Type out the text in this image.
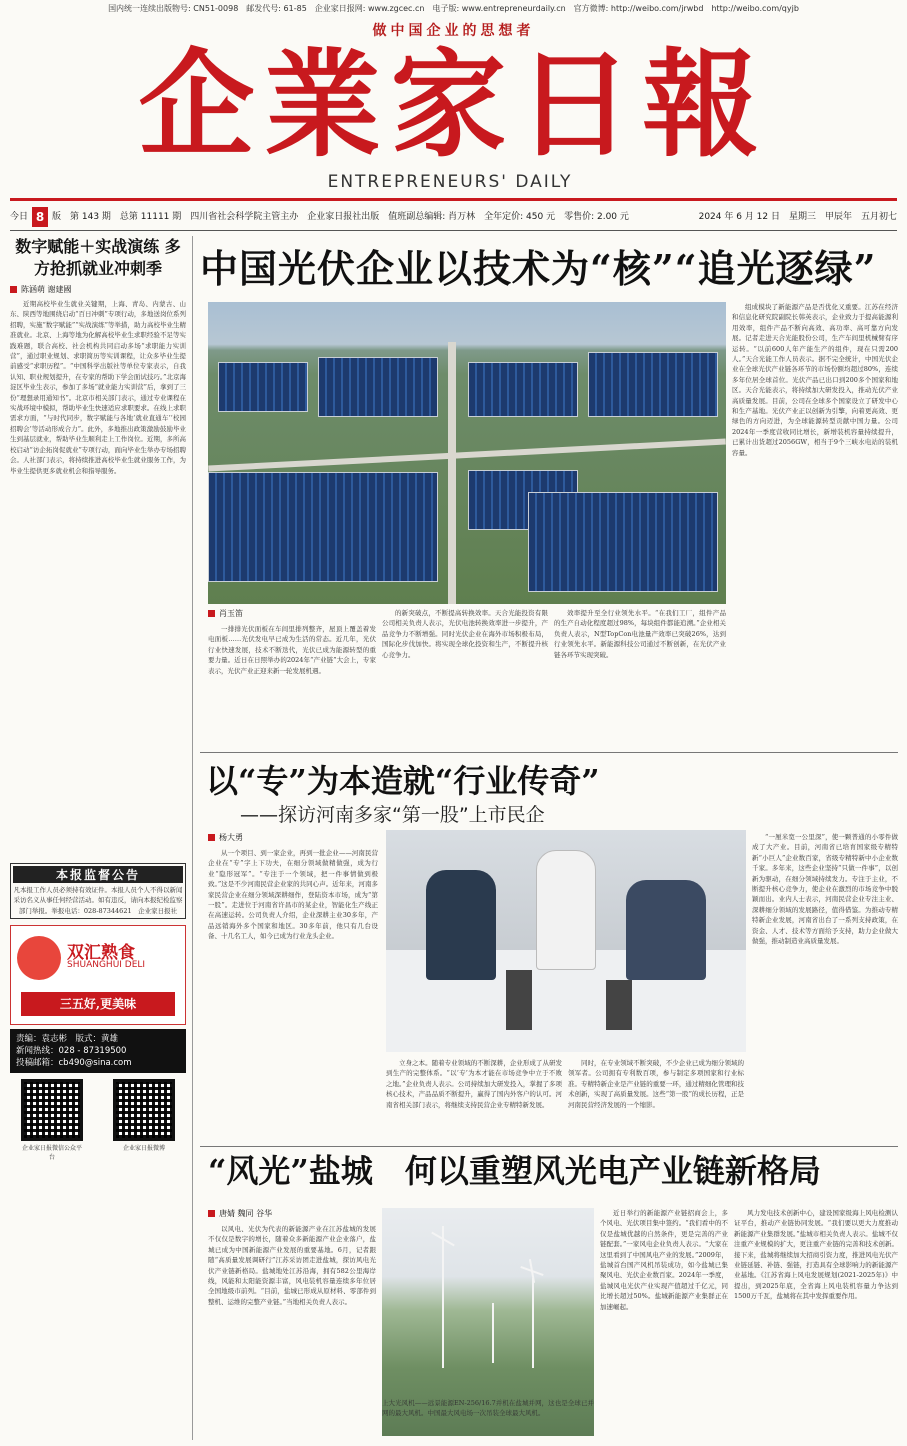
国内统一连续出版物号: CN51-0098　邮发代号: 61-85　企业家日报网: www.zgcec.cn　电子版: www.entrepreneurdaily.cn　官方微博: http://weibo.com/jrwbd　http://weibo.com/qyjb
做中国企业的思想者
企業家日報
ENTREPRENEURS' DAILY
今日 8 版　第 143 期　总第 11111 期　四川省社会科学院主管主办　企业家日报社出版　值班副总编辑: 肖万林　全年定价: 450 元　零售价: 2.00 元	2024 年 6 月 12 日　星期三　甲辰年　五月初七
数字赋能＋实战演练 多方抢抓就业冲刺季
陈涵萌 谢建國
近期高校毕业生就业关键期，上海、青岛、内蒙古、山东、陕西等地围绕启动“百日冲刺”专项行动，多地送岗位系列招聘，实施“数字赋能”“实战演练”等举措，助力高校毕业生精准就业。北京、上海等地为化解高校毕业生求职经验不足等实践难题，联合高校、社会机构共同启动多场“求职能力实训营”，通过职业规划、求职简历等实训课程，让众多毕业生提前感受“求职历程”。“中国科学出版社等单位专家表示，自我认知、职业规划提升，在专家的帮助下学会面试技巧。”北京海淀区毕业生表示，参加了多场“就业能力实训营”后，拿到了三份“理想录用通知书”。北京市相关部门表示，通过专业课程在实战环境中模拟，帮助毕业生快速适应求职要求。在线上求职需求方面，“与时代同步，数字赋能与各地‘就业直通车’‘校园招聘会’等活动形成合力”。此外，多地推出政策激励鼓励毕业生到基层就业，帮助毕业生顺利走上工作岗位。近期，多所高校启动“访企拓岗促就业”专项行动，面向毕业生举办专场招聘会。人社部门表示，将持续推进高校毕业生就业服务工作，为毕业生提供更多就业机会和指导服务。
本报监督公告
凡本报工作人员必须持有效证件。本报人员个人不得以新闻采访名义从事任何经营活动。如有违反，请向本报纪检监察部门举报。举报电话：028-87344621　企业家日报社
双汇熟食
SHUANGHUI DELI
三五好,更美味
责编：袁志彬　版式：黄雄
新闻热线：028 - 87319500
投稿邮箱：cb490@sina.com
企业家日报微信公众平台
企业家日报微博
中国光伏企业以技术为“核”“追光逐绿”
肖玉笛
一排排光伏面板在车间里排列整齐，屋顶上覆盖着发电面板……光伏发电早已成为生活的常态。近几年，光伏行业快速发展，技术不断迭代，光伏已成为能源转型的重要力量。近日在日照举办的2024年“产业链”大会上，专家表示，光伏产业正迎来新一轮发展机遇。
的新突破点，不断提高转换效率。天合光能投资有限公司相关负责人表示，光伏电池转换效率进一步提升，产品竞争力不断增强。同时光伏企业在海外市场积极布局，国际化步伐加快。将实现全球化投资和生产，不断提升核心竞争力。
效率提升至全行业领先水平。“在我们工厂，组件产品的生产自动化程度超过98%，每块组件都能追溯。”企业相关负责人表示，N型TopCon电池量产效率已突破26%，达到行业领先水平。新能源科技公司通过不断创新，在光伏产业链各环节实现突破。
组成模块了新能源产品是否优化又重要。江苏在经济和信息化研究院副院长韩英表示，企业致力于提高能源利用效率，组件产品不断向高效、高功率、高可靠方向发展。记者走进天合光能股份公司，生产车间里机械臂有序运转。“以前600人年产能生产的组件，现在只需200人。”天合光能工作人员表示。据不完全统计，中国光伏企业在全球光伏产业链各环节的市场份额均超过80%，连续多年位居全球首位。光伏产品已出口到200多个国家和地区。天合光能表示，将持续加大研发投入，推动光伏产业高质量发展。目前，公司在全球多个国家设立了研发中心和生产基地。光伏产业正以创新为引擎，向着更高效、更绿色的方向迈进，为全球能源转型贡献中国力量。公司2024年一季度营收同比增长，新增装机容量持续提升，已累计出货超过2056GW，相当于9个三峡水电站的装机容量。
以“专”为本造就“行业传奇”
——探访河南多家“第一股”上市民企
杨大勇
从一个项目、到一家企业，再到一批企业——河南民营企业在“专”字上下功夫，在细分领域做精做强，成为行业“隐形冠军”。“专注于一个领域，把一件事情做到极致。”这是不少河南民营企业家的共同心声。近年来，河南多家民营企业在细分领域深耕细作，登陆资本市场，成为“第一股”。走进位于河南省许昌市的某企业，智能化生产线正在高速运转。公司负责人介绍，企业深耕主业30多年，产品远销海外多个国家和地区。30多年前，他只有几台设备、十几名工人，如今已成为行业龙头企业。
立身之本。随着专业领域的不断深耕，企业形成了从研发到生产的完整体系。“以‘专’为本才能在市场竞争中立于不败之地。”企业负责人表示。公司持续加大研发投入，掌握了多项核心技术，产品品质不断提升，赢得了国内外客户的认可。河南省相关部门表示，将继续支持民营企业专精特新发展。
同时，在专业领域不断突破，不少企业已成为细分领域的领军者。公司拥有专利数百项，参与制定多项国家和行业标准。专精特新企业是产业链的重要一环，通过精细化管理和技术创新，实现了高质量发展。这些“第一股”的成长历程，正是河南民营经济发展的一个缩影。
“一厘米宽一公里深”，使一颗普通的小零件做成了大产业。目前，河南省已培育国家级专精特新“小巨人”企业数百家，省级专精特新中小企业数千家。多年来，这些企业坚持“只做一件事”，以创新为驱动，在细分领域持续发力。专注于主业，不断提升核心竞争力，使企业在激烈的市场竞争中脱颖而出。业内人士表示，河南民营企业专注主业、深耕细分领域的发展路径，值得借鉴。为推动专精特新企业发展，河南省出台了一系列支持政策，在资金、人才、技术等方面给予支持，助力企业做大做强，推动制造业高质量发展。
“风光”盐城　何以重塑风光电产业链新格局
唐婧 魏同 谷华
以风电、光伏为代表的新能源产业在江苏盐城的发展不仅仅是数字的增长，随着众多新能源产业企业落户，盐城已成为中国新能源产业发展的重要基地。6月，记者跟随“高质量发展调研行”江苏采访团走进盐城，探访风电光伏产业链新格局。盐城地处江苏沿海，拥有582公里海岸线，风能和太阳能资源丰富，风电装机容量连续多年位居全国地级市前列。“目前，盐城已形成从原材料、零部件到整机、运维的完整产业链。”当地相关负责人表示。
上大光风机——远景能源EN-256/16.7并机在盐城并网，这也是全球已并网的最大风机。中国最大风电场一次吊装全球最大风机。
近日举行的新能源产业链招商会上，多个风电、光伏项目集中签约。“我们看中的不仅是盐城优越的自然条件，更是完善的产业链配套。”一家风电企业负责人表示。“大家在这里看到了中国风电产业的发展。”2009年，盐城首台国产风机吊装成功，如今盐城已集聚风电、光伏企业数百家。2024年一季度，盐城风电光伏产业实现产值超过千亿元，同比增长超过50%。盐城新能源产业集群正在加速崛起。
风力发电技术创新中心，建设国家级海上风电检测认证平台，推动产业链协同发展。“我们要以更大力度推动新能源产业集群发展。”盐城市相关负责人表示。盐城不仅注重产业规模的扩大，更注重产业链的完善和技术创新。接下来，盐城将继续加大招商引资力度，推进风电光伏产业链延链、补链、强链，打造具有全球影响力的新能源产业基地。《江苏省海上风电发展规划(2021-2025年)》中提出，到2025年底，全省海上风电装机容量力争达到1500万千瓦，盐城将在其中发挥重要作用。
